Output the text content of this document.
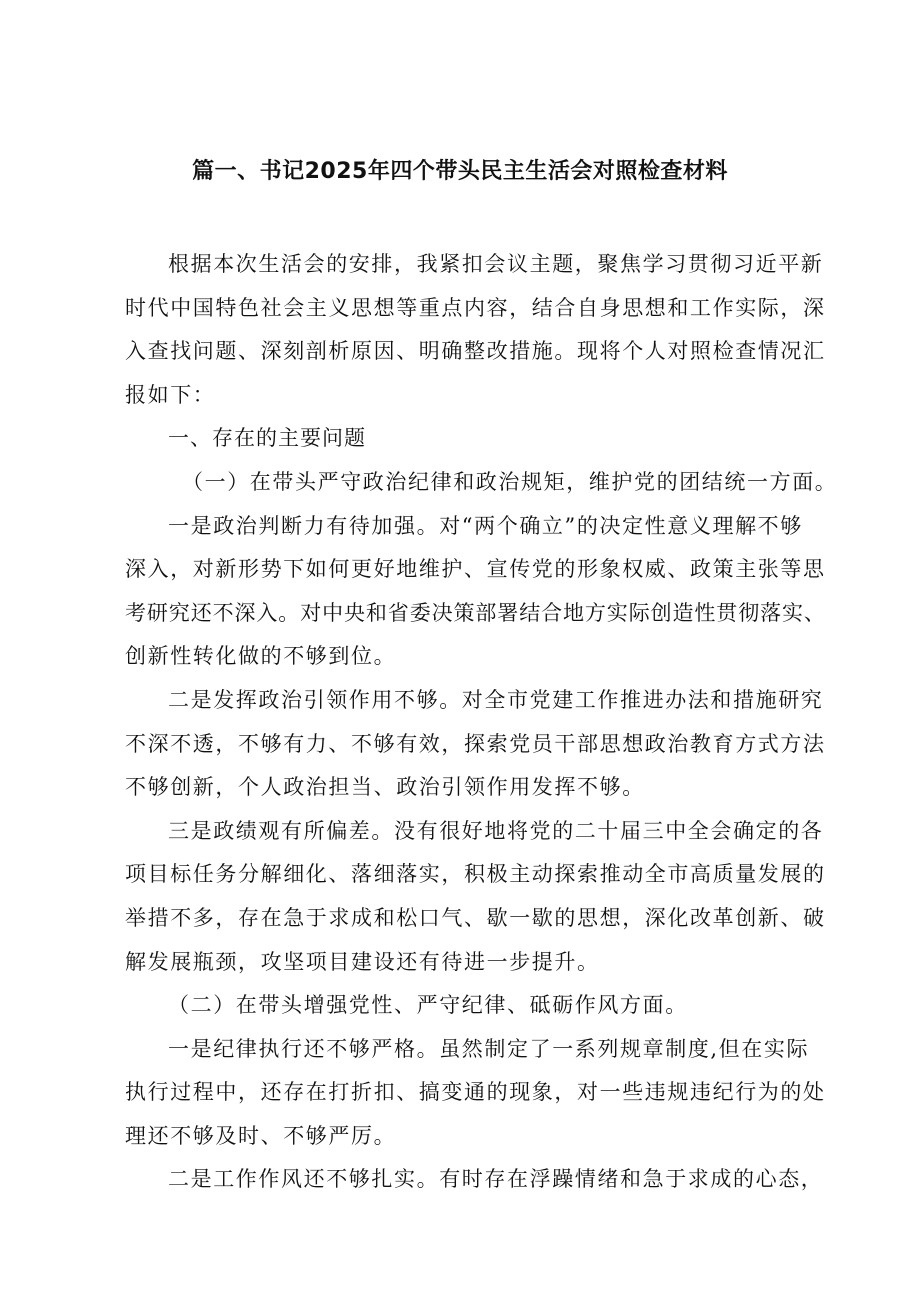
篇一、书记2025年四个带头民主生活会对照检查材料
根据本次生活会的安排，我紧扣会议主题，聚焦学习贯彻习近平新
时代中国特色社会主义思想等重点内容，结合自身思想和工作实际，深
入查找问题、深刻剖析原因、明确整改措施。现将个人对照检查情况汇
报如下：
一、存在的主要问题
（一）在带头严守政治纪律和政治规矩，维护党的团结统一方面。
一是政治判断力有待加强。对“两个确立”的决定性意义理解不够
深入，对新形势下如何更好地维护、宣传党的形象权威、政策主张等思
考研究还不深入。对中央和省委决策部署结合地方实际创造性贯彻落实、
创新性转化做的不够到位。
二是发挥政治引领作用不够。对全市党建工作推进办法和措施研究
不深不透，不够有力、不够有效，探索党员干部思想政治教育方式方法
不够创新，个人政治担当、政治引领作用发挥不够。
三是政绩观有所偏差。没有很好地将党的二十届三中全会确定的各
项目标任务分解细化、落细落实，积极主动探索推动全市高质量发展的
举措不多，存在急于求成和松口气、歇一歇的思想，深化改革创新、破
解发展瓶颈，攻坚项目建设还有待进一步提升。
（二）在带头增强党性、严守纪律、砥砺作风方面。
一是纪律执行还不够严格。虽然制定了一系列规章制度,但在实际
执行过程中，还存在打折扣、搞变通的现象，对一些违规违纪行为的处
理还不够及时、不够严厉。
二是工作作风还不够扎实。有时存在浮躁情绪和急于求成的心态，
